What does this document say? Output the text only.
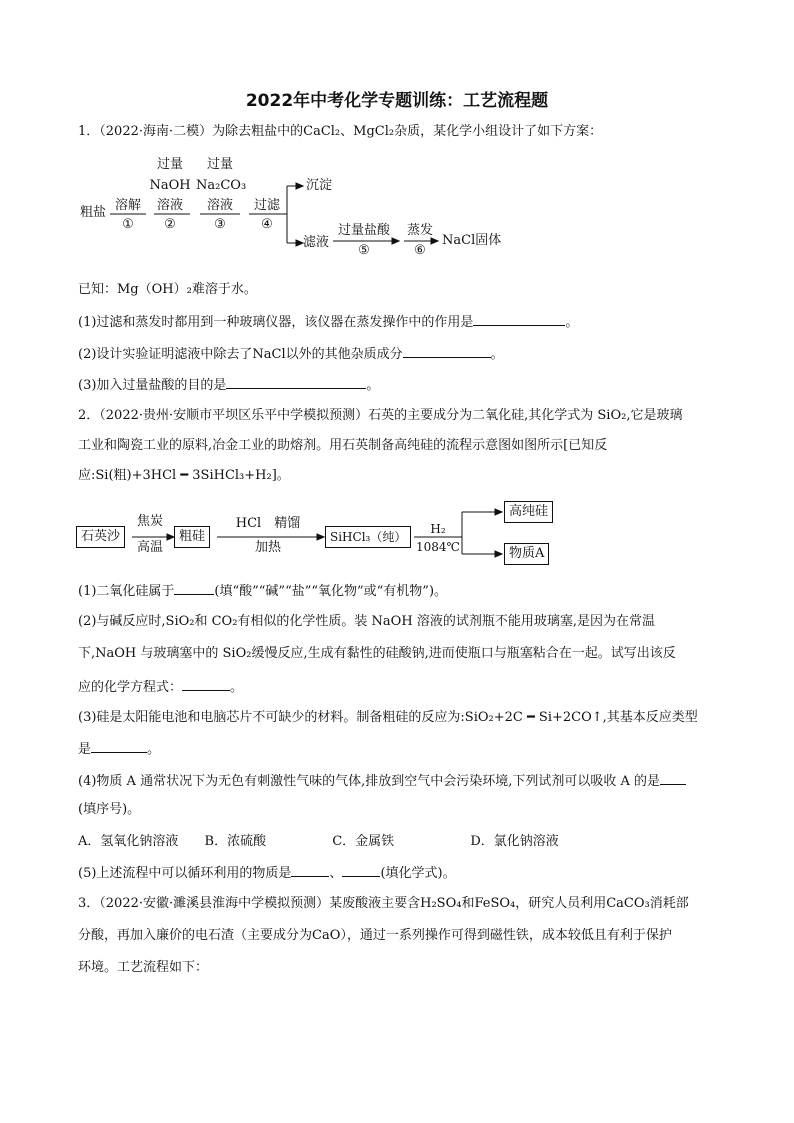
2022年中考化学专题训练：工艺流程题
1．（2022·海南·二模）为除去粗盐中的CaCl₂、MgCl₂杂质，某化学小组设计了如下方案：
粗盐 溶解
①
过量
NaOH
溶液
②
过量
Na₂CO₃
溶液
③
过滤
④
沉淀
滤液
过量盐酸
⑤
蒸发
⑥
NaCl固体
已知：Mg（OH）₂难溶于水。
(1)过滤和蒸发时都用到一种玻璃仪器，该仪器在蒸发操作中的作用是	。
(2)设计实验证明滤液中除去了NaCl以外的其他杂质成分	。
(3)加入过量盐酸的目的是	。
2．（2022·贵州·安顺市平坝区乐平中学模拟预测）石英的主要成分为二氧化硅,其化学式为 SiO₂,它是玻璃
工业和陶瓷工业的原料,冶金工业的助熔剂。用石英制备高纯硅的流程示意图如图所示[已知反
应:Si(粗)+3HCl ━ 3SiHCl₃+H₂]。
石英沙
焦炭
高温
粗硅
HCl　精馏
加热
SiHCl₃（纯）
H₂
1084℃
高纯硅
物质A
(1)二氧化硅属于	(填“酸”“碱”“盐”“氧化物”或“有机物”)。
(2)与碱反应时,SiO₂和 CO₂有相似的化学性质。装 NaOH 溶液的试剂瓶不能用玻璃塞,是因为在常温
下,NaOH 与玻璃塞中的 SiO₂缓慢反应,生成有黏性的硅酸钠,进而使瓶口与瓶塞粘合在一起。试写出该反
应的化学方程式：	。
(3)硅是太阳能电池和电脑芯片不可缺少的材料。制备粗硅的反应为:SiO₂+2C ━ Si+2CO↑,其基本反应类型
是	。
(4)物质 A 通常状况下为无色有刺激性气味的气体,排放到空气中会污染环境,下列试剂可以吸收 A 的是
(填序号)。
A．氢氧化钠溶液 B．浓硫酸	C．金属铁	D．氯化钠溶液
(5)上述流程中可以循环利用的物质是	、	(填化学式)。
3．（2022·安徽·濉溪县淮海中学模拟预测）某废酸液主要含H₂SO₄和FeSO₄，研究人员利用CaCO₃消耗部
分酸，再加入廉价的电石渣（主要成分为CaO），通过一系列操作可得到磁性铁，成本较低且有利于保护
环境。工艺流程如下：
